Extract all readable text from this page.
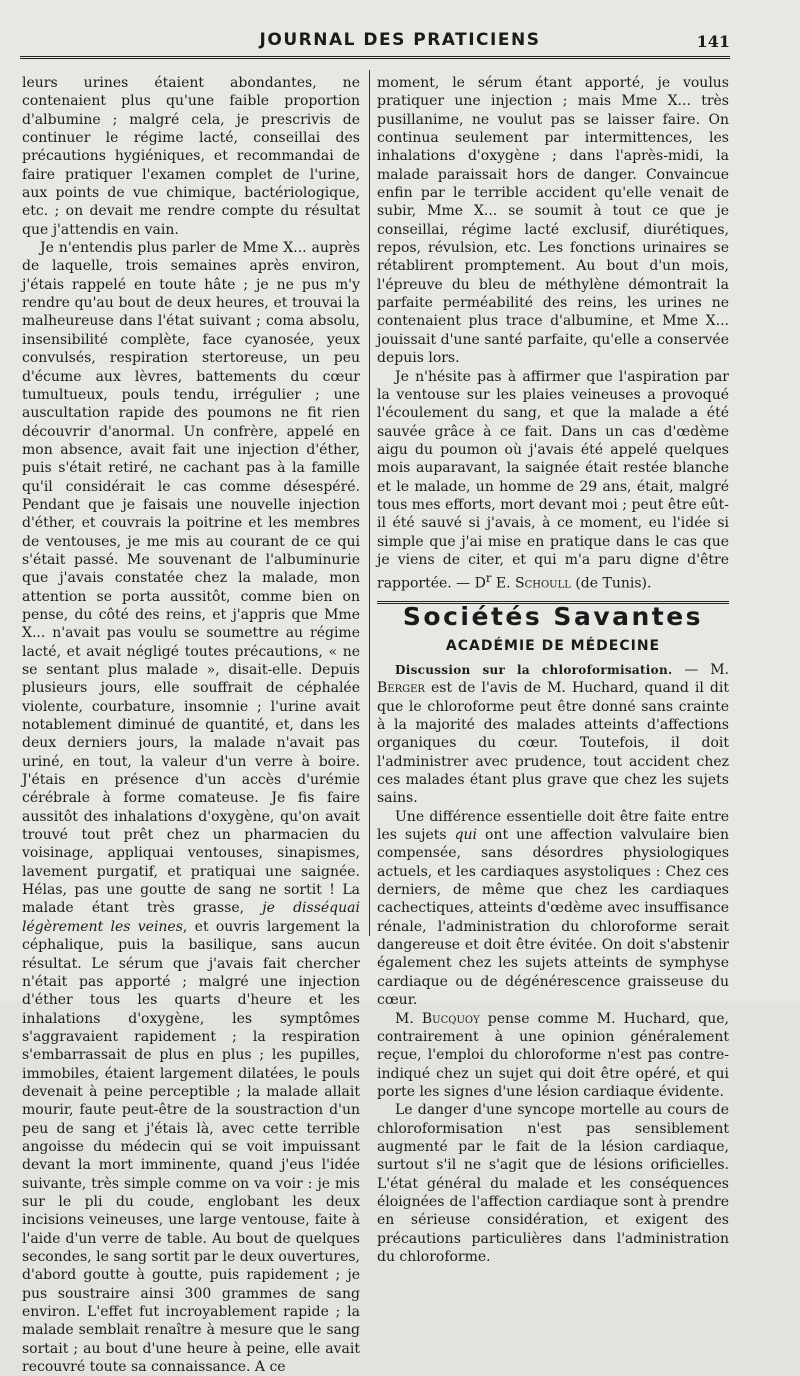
JOURNAL DES PRATICIENS	141

leurs urines étaient abondantes, ne contenaient plus qu'une faible proportion d'albumine ; malgré cela, je prescrivis de continuer le régime lacté, conseillai des précautions hygiéniques, et recommandai de faire pratiquer l'examen complet de l'urine, aux points de vue chimique, bactériologique, etc. ; on devait me rendre compte du résultat que j'attendis en vain.

Je n'entendis plus parler de Mme X... auprès de laquelle, trois semaines après environ, j'étais rappelé en toute hâte ; je ne pus m'y rendre qu'au bout de deux heures, et trouvai la malheureuse dans l'état suivant ; coma absolu, insensibilité complète, face cyanosée, yeux convulsés, respiration stertoreuse, un peu d'écume aux lèvres, battements du cœur tumultueux, pouls tendu, irrégulier ; une auscultation rapide des poumons ne fit rien découvrir d'anormal. Un confrère, appelé en mon absence, avait fait une injection d'éther, puis s'était retiré, ne cachant pas à la famille qu'il considérait le cas comme désespéré. Pendant que je faisais une nouvelle injection d'éther, et couvrais la poitrine et les membres de ventouses, je me mis au courant de ce qui s'était passé. Me souvenant de l'albuminurie que j'avais constatée chez la malade, mon attention se porta aussitôt, comme bien on pense, du côté des reins, et j'appris que Mme X... n'avait pas voulu se soumettre au régime lacté, et avait négligé toutes précautions, « ne se sentant plus malade », disait-elle. Depuis plusieurs jours, elle souffrait de céphalée violente, courbature, insomnie ; l'urine avait notablement diminué de quantité, et, dans les deux derniers jours, la malade n'avait pas uriné, en tout, la valeur d'un verre à boire. J'étais en présence d'un accès d'urémie cérébrale à forme comateuse. Je fis faire aussitôt des inhalations d'oxygène, qu'on avait trouvé tout prêt chez un pharmacien du voisinage, appliquai ventouses, sinapismes, lavement purgatif, et pratiquai une saignée. Hélas, pas une goutte de sang ne sortit ! La malade étant très grasse, je disséquai légèrement les veines, et ouvris largement la céphalique, puis la basilique, sans aucun résultat. Le sérum que j'avais fait chercher n'était pas apporté ; malgré une injection d'éther tous les quarts d'heure et les inhalations d'oxygène, les symptômes s'aggravaient rapidement ; la respiration s'embarrassait de plus en plus ; les pupilles, immobiles, étaient largement dilatées, le pouls devenait à peine perceptible ; la malade allait mourir, faute peut-être de la soustraction d'un peu de sang et j'étais là, avec cette terrible angoisse du médecin qui se voit impuissant devant la mort imminente, quand j'eus l'idée suivante, très simple comme on va voir : je mis sur le pli du coude, englobant les deux incisions veineuses, une large ventouse, faite à l'aide d'un verre de table. Au bout de quelques secondes, le sang sortit par le deux ouvertures, d'abord goutte à goutte, puis rapidement ; je pus soustraire ainsi 300 grammes de sang environ. L'effet fut incroyablement rapide ; la malade semblait renaître à mesure que le sang sortait ; au bout d'une heure à peine, elle avait recouvré toute sa connaissance. A ce

moment, le sérum étant apporté, je voulus pratiquer une injection ; mais Mme X... très pusillanime, ne voulut pas se laisser faire. On continua seulement par intermittences, les inhalations d'oxygène ; dans l'après-midi, la malade paraissait hors de danger. Convaincue enfin par le terrible accident qu'elle venait de subir, Mme X... se soumit à tout ce que je conseillai, régime lacté exclusif, diurétiques, repos, révulsion, etc. Les fonctions urinaires se rétablirent promptement. Au bout d'un mois, l'épreuve du bleu de méthylène démontrait la parfaite perméabilité des reins, les urines ne contenaient plus trace d'albumine, et Mme X... jouissait d'une santé parfaite, qu'elle a conservée depuis lors.

Je n'hésite pas à affirmer que l'aspiration par la ventouse sur les plaies veineuses a provoqué l'écoulement du sang, et que la malade a été sauvée grâce à ce fait. Dans un cas d'œdème aigu du poumon où j'avais été appelé quelques mois auparavant, la saignée était restée blanche et le malade, un homme de 29 ans, était, malgré tous mes efforts, mort devant moi ; peut être eût-il été sauvé si j'avais, à ce moment, eu l'idée si simple que j'ai mise en pratique dans le cas que je viens de citer, et qui m'a paru digne d'être rapportée. — $D^r$ E. Schoull (de Tunis).

Sociétés Savantes
ACADÉMIE DE MÉDECINE

Discussion sur la chloroformisation. — M. Berger est de l'avis de M. Huchard, quand il dit que le chloroforme peut être donné sans crainte à la majorité des malades atteints d'affections organiques du cœur. Toutefois, il doit l'administrer avec prudence, tout accident chez ces malades étant plus grave que chez les sujets sains.

Une différence essentielle doit être faite entre les sujets qui ont une affection valvulaire bien compensée, sans désordres physiologiques actuels, et les cardiaques asystoliques : Chez ces derniers, de même que chez les cardiaques cachectiques, atteints d'œdème avec insuffisance rénale, l'administration du chloroforme serait dangereuse et doit être évitée. On doit s'abstenir également chez les sujets atteints de symphyse cardiaque ou de dégénérescence graisseuse du cœur.

M. Bucquoy pense comme M. Huchard, que, contrairement à une opinion généralement reçue, l'emploi du chloroforme n'est pas contre-indiqué chez un sujet qui doit être opéré, et qui porte les signes d'une lésion cardiaque évidente.

Le danger d'une syncope mortelle au cours de chloroformisation n'est pas sensiblement augmenté par le fait de la lésion cardiaque, surtout s'il ne s'agit que de lésions orificielles. L'état général du malade et les conséquences éloignées de l'affection cardiaque sont à prendre en sérieuse considération, et exigent des précautions particulières dans l'administration du chloroforme.
